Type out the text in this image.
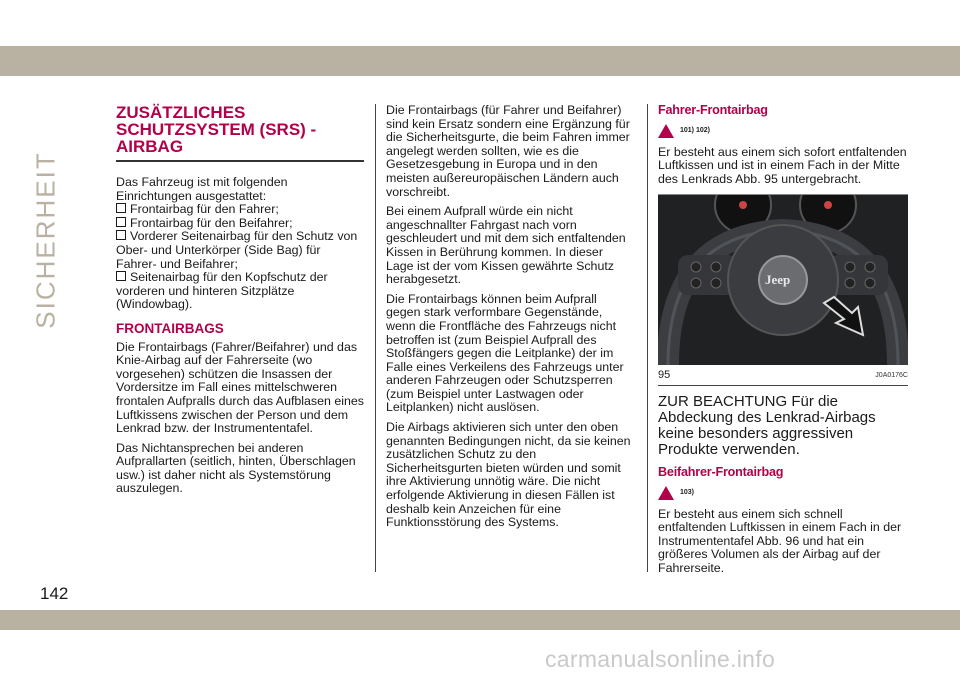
SICHERHEIT
142
ZUSÄTZLICHES
SCHUTZSYSTEM (SRS) -
AIRBAG

Das Fahrzeug ist mit folgenden Einrichtungen ausgestattet:

Frontairbag für den Fahrer;
Frontairbag für den Beifahrer;
Vorderer Seitenairbag für den Schutz von Ober- und Unterkörper (Side Bag) für Fahrer- und Beifahrer;
Seitenairbag für den Kopfschutz der vorderen und hinteren Sitzplätze (Windowbag).
FRONTAIRBAGS

Die Frontairbags (Fahrer/Beifahrer) und das Knie-Airbag auf der Fahrerseite (wo vorgesehen) schützen die Insassen der Vordersitze im Fall eines mittelschweren frontalen Aufpralls durch das Aufblasen eines Luftkissens zwischen der Person und dem Lenkrad bzw. der Instrumententafel.

Das Nichtansprechen bei anderen Aufprallarten (seitlich, hinten, Überschlagen usw.) ist daher nicht als Systemstörung auszulegen.

Die Frontairbags (für Fahrer und Beifahrer) sind kein Ersatz sondern eine Ergänzung für die Sicherheitsgurte, die beim Fahren immer angelegt werden sollten, wie es die Gesetzesgebung in Europa und in den meisten außereuropäischen Ländern auch vorschreibt.

Bei einem Aufprall würde ein nicht angeschnallter Fahrgast nach vorn geschleudert und mit dem sich entfaltenden Kissen in Berührung kommen. In dieser Lage ist der vom Kissen gewährte Schutz herabgesetzt.

Die Frontairbags können beim Aufprall gegen stark verformbare Gegenstände, wenn die Frontfläche des Fahrzeugs nicht betroffen ist (zum Beispiel Aufprall des Stoßfängers gegen die Leitplanke) der im Falle eines Verkeilens des Fahrzeugs unter anderen Fahrzeugen oder Schutzsperren (zum Beispiel unter Lastwagen oder Leitplanken) nicht auslösen.

Die Airbags aktivieren sich unter den oben genannten Bedingungen nicht, da sie keinen zusätzlichen Schutz zu den Sicherheitsgurten bieten würden und somit ihre Aktivierung unnötig wäre. Die nicht erfolgende Aktivierung in diesen Fällen ist deshalb kein Anzeichen für eine Funktionsstörung des Systems.

Fahrer-Frontairbag
101) 102)

Er besteht aus einem sich sofort entfaltenden Luftkissen und ist in einem Fach in der Mitte des Lenkrads Abb. 95 untergebracht.

Jeep
95	J0A0176C

ZUR BEACHTUNG Für die Abdeckung des Lenkrad-Airbags keine besonders aggressiven Produkte verwenden.

Beifahrer-Frontairbag
103)

Er besteht aus einem sich schnell entfaltenden Luftkissen in einem Fach in der Instrumententafel Abb. 96 und hat ein größeres Volumen als der Airbag auf der Fahrerseite.

carmanualsonline.info
